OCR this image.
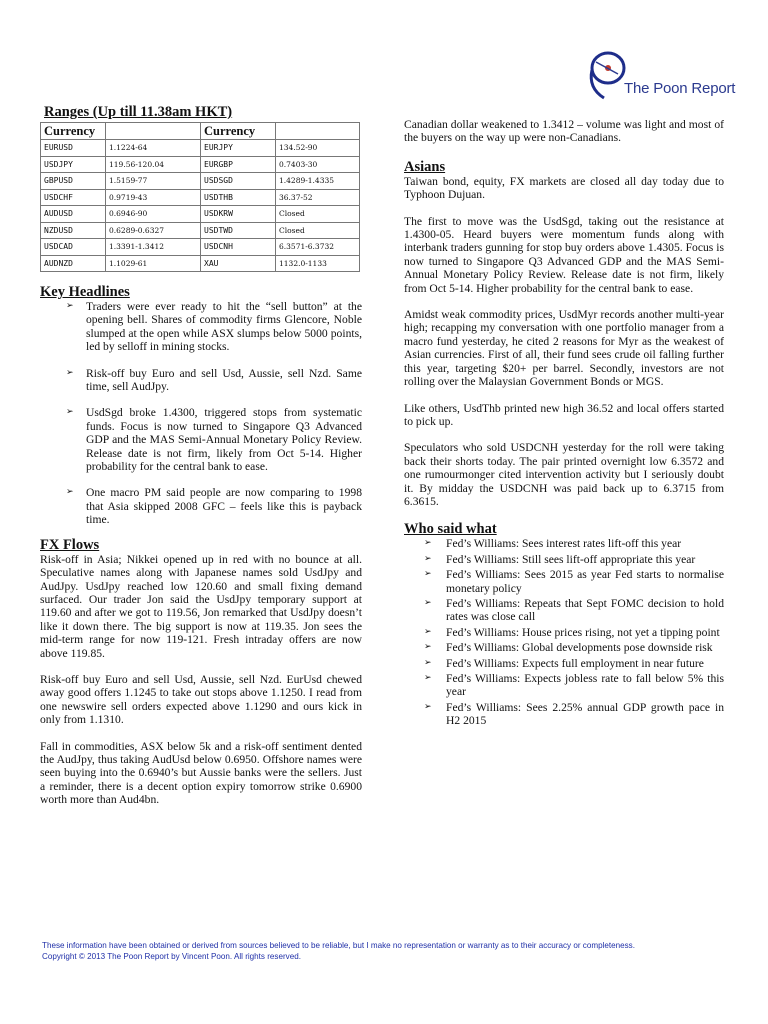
The Poon Report
Ranges (Up till 11.38am HKT)
Currency		Currency	
EURUSD	1.1224-64	EURJPY	134.52-90
USDJPY	119.56-120.04	EURGBP	0.7403-30
GBPUSD	1.5159-77	USDSGD	1.4289-1.4335
USDCHF	0.9719-43	USDTHB	36.37-52
AUDUSD	0.6946-90	USDKRW	Closed
NZDUSD	0.6289-0.6327	USDTWD	Closed
USDCAD	1.3391-1.3412	USDCNH	6.3571-6.3732
AUDNZD	1.1029-61	XAU	1132.0-1133
Key Headlines
➢ Traders were ever ready to hit the “sell button” at the opening bell. Shares of commodity firms Glencore, Noble slumped at the open while ASX slumps below 5000 points, led by selloff in mining stocks.
➢ Risk-off buy Euro and sell Usd, Aussie, sell Nzd. Same time, sell AudJpy.
➢ UsdSgd broke 1.4300, triggered stops from systematic funds. Focus is now turned to Singapore Q3 Advanced GDP and the MAS Semi-Annual Monetary Policy Review. Release date is not firm, likely from Oct 5-14. Higher probability for the central bank to ease.
➢ One macro PM said people are now comparing to 1998 that Asia skipped 2008 GFC – feels like this is payback time.
FX Flows

Risk-off in Asia; Nikkei opened up in red with no bounce at all. Speculative names along with Japanese names sold UsdJpy and AudJpy. UsdJpy reached low 120.60 and small fixing demand surfaced. Our trader Jon said the UsdJpy temporary support at 119.60 and after we got to 119.56, Jon remarked that UsdJpy doesn’t like it down there. The big support is now at 119.35. Jon sees the mid-term range for now 119-121. Fresh intraday offers are now above 119.85.

Risk-off buy Euro and sell Usd, Aussie, sell Nzd. EurUsd chewed away good offers 1.1245 to take out stops above 1.1250. I read from one newswire sell orders expected above 1.1290 and ours kick in only from 1.1310.

Fall in commodities, ASX below 5k and a risk-off sentiment dented the AudJpy, thus taking AudUsd below 0.6950. Offshore names were seen buying into the 0.6940’s but Aussie banks were the sellers. Just a reminder, there is a decent option expiry tomorrow strike 0.6900 worth more than Aud4bn.

Canadian dollar weakened to 1.3412 – volume was light and most of the buyers on the way up were non-Canadians.

Asians

Taiwan bond, equity, FX markets are closed all day today due to Typhoon Dujuan.

The first to move was the UsdSgd, taking out the resistance at 1.4300-05. Heard buyers were momentum funds along with interbank traders gunning for stop buy orders above 1.4305. Focus is now turned to Singapore Q3 Advanced GDP and the MAS Semi-Annual Monetary Policy Review. Release date is not firm, likely from Oct 5-14. Higher probability for the central bank to ease.

Amidst weak commodity prices, UsdMyr records another multi-year high; recapping my conversation with one portfolio manager from a macro fund yesterday, he cited 2 reasons for Myr as the weakest of Asian currencies. First of all, their fund sees crude oil falling further this year, targeting $20+ per barrel. Secondly, investors are not rolling over the Malaysian Government Bonds or MGS.

Like others, UsdThb printed new high 36.52 and local offers started to pick up.

Speculators who sold USDCNH yesterday for the roll were taking back their shorts today. The pair printed overnight low 6.3572 and one rumourmonger cited intervention activity but I seriously doubt it. By midday the USDCNH was paid back up to 6.3715 from 6.3615.

Who said what
➢ Fed’s Williams: Sees interest rates lift-off this year
➢ Fed’s Williams: Still sees lift-off appropriate this year
➢ Fed’s Williams: Sees 2015 as year Fed starts to normalise monetary policy
➢ Fed’s Williams: Repeats that Sept FOMC decision to hold rates was close call
➢ Fed’s Williams: House prices rising, not yet a tipping point
➢ Fed’s Williams: Global developments pose downside risk
➢ Fed’s Williams: Expects full employment in near future
➢ Fed’s Williams: Expects jobless rate to fall below 5% this year
➢ Fed’s Williams: Sees 2.25% annual GDP growth pace in H2 2015
These information have been obtained or derived from sources believed to be reliable, but I make no representation or warranty as to their accuracy or completeness.
Copyright © 2013 The Poon Report by Vincent Poon. All rights reserved.
